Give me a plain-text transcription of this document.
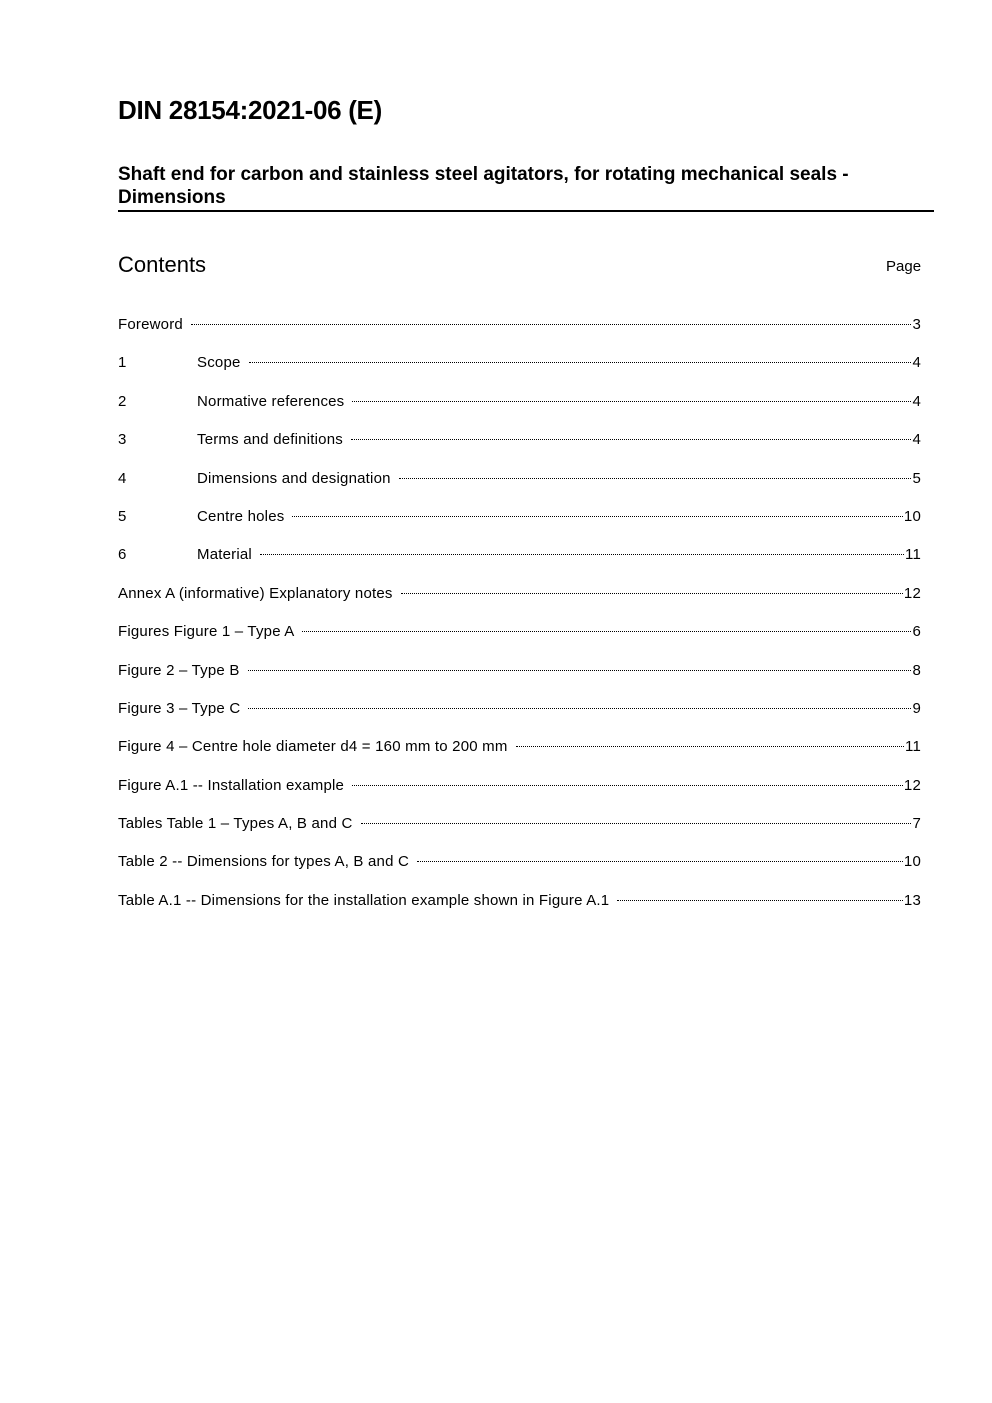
DIN 28154:2021-06 (E)
Shaft end for carbon and stainless steel agitators, for rotating mechanical seals - Dimensions
Contents	Page
Foreword	3
1	Scope	4
2	Normative references	4
3	Terms and definitions	4
4	Dimensions and designation	5
5	Centre holes	10
6	Material	11
Annex A (informative) Explanatory notes	12
Figures Figure 1 – Type A	6
Figure 2 – Type B	8
Figure 3 – Type C	9
Figure 4 – Centre hole diameter d4 = 160 mm to 200 mm	11
Figure A.1 -- Installation example	12
Tables Table 1 – Types A, B and C	7
Table 2 -- Dimensions for types A, B and C	10
Table A.1 -- Dimensions for the installation example shown in Figure A.1	13
